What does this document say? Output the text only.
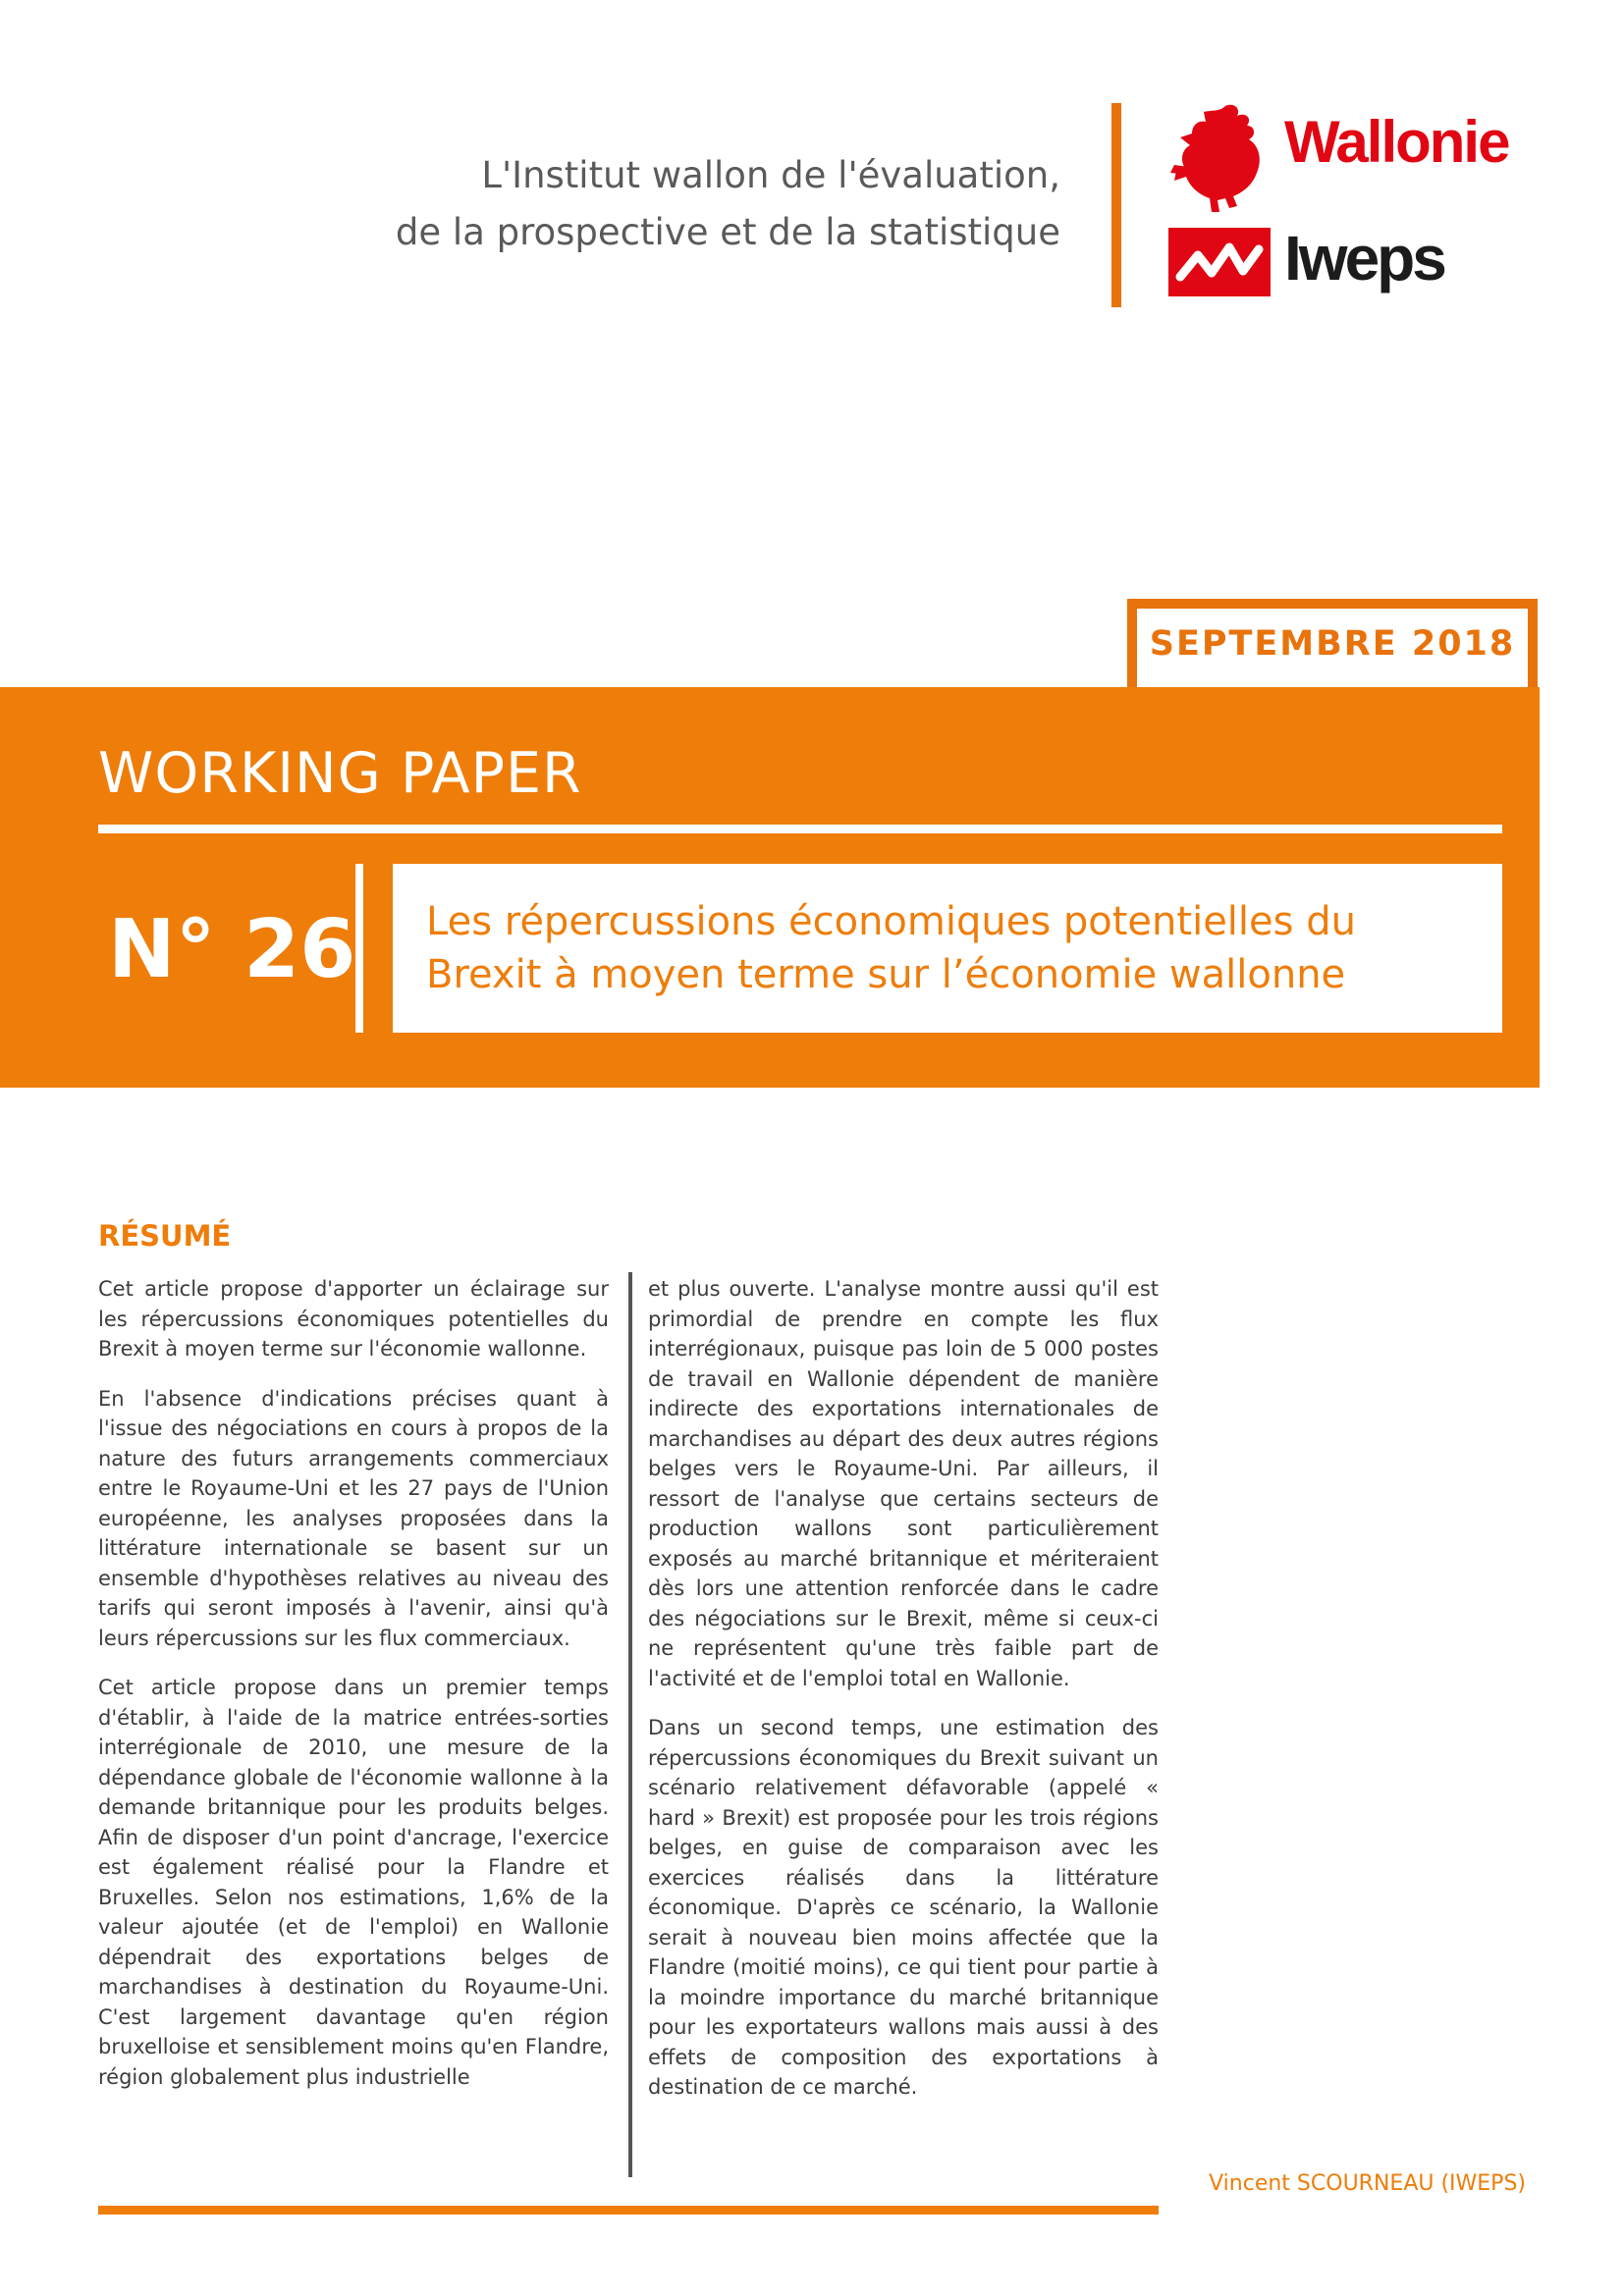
L'Institut wallon de l'évaluation,
de la prospective et de la statistique
Wallonie
Iweps
SEPTEMBRE 2018
WORKING PAPER
N° 26 Les répercussions économiques potentielles du Brexit à moyen terme sur l’économie wallonne
RÉSUMÉ

Cet article propose d'apporter un éclairage sur les répercussions économiques potentielles du Brexit à moyen terme sur l'économie wallonne.

En l'absence d'indications précises quant à l'issue des négociations en cours à propos de la nature des futurs arrangements commerciaux entre le Royaume-Uni et les 27 pays de l'Union européenne, les analyses proposées dans la littérature internationale se basent sur un ensemble d'hypothèses relatives au niveau des tarifs qui seront imposés à l'avenir, ainsi qu'à leurs répercussions sur les flux commerciaux.

Cet article propose dans un premier temps d'établir, à l'aide de la matrice entrées-sorties interrégionale de 2010, une mesure de la dépendance globale de l'économie wallonne à la demande britannique pour les produits belges. Afin de disposer d'un point d'ancrage, l'exercice est également réalisé pour la Flandre et Bruxelles. Selon nos estimations, 1,6% de la valeur ajoutée (et de l'emploi) en Wallonie dépendrait des exportations belges de marchandises à destination du Royaume-Uni. C'est largement davantage qu'en région bruxelloise et sensiblement moins qu'en Flandre, région globalement plus industrielle

et plus ouverte. L'analyse montre aussi qu'il est primordial de prendre en compte les flux interrégionaux, puisque pas loin de 5 000 postes de travail en Wallonie dépendent de manière indirecte des exportations internationales de marchandises au départ des deux autres régions belges vers le Royaume-Uni. Par ailleurs, il ressort de l'analyse que certains secteurs de production wallons sont particulièrement exposés au marché britannique et mériteraient dès lors une attention renforcée dans le cadre des négociations sur le Brexit, même si ceux-ci ne représentent qu'une très faible part de l'activité et de l'emploi total en Wallonie.

Dans un second temps, une estimation des répercussions économiques du Brexit suivant un scénario relativement défavorable (appelé « hard » Brexit) est proposée pour les trois régions belges, en guise de comparaison avec les exercices réalisés dans la littérature économique. D'après ce scénario, la Wallonie serait à nouveau bien moins affectée que la Flandre (moitié moins), ce qui tient pour partie à la moindre importance du marché britannique pour les exportateurs wallons mais aussi à des effets de composition des exportations à destination de ce marché.

Vincent SCOURNEAU (IWEPS)
